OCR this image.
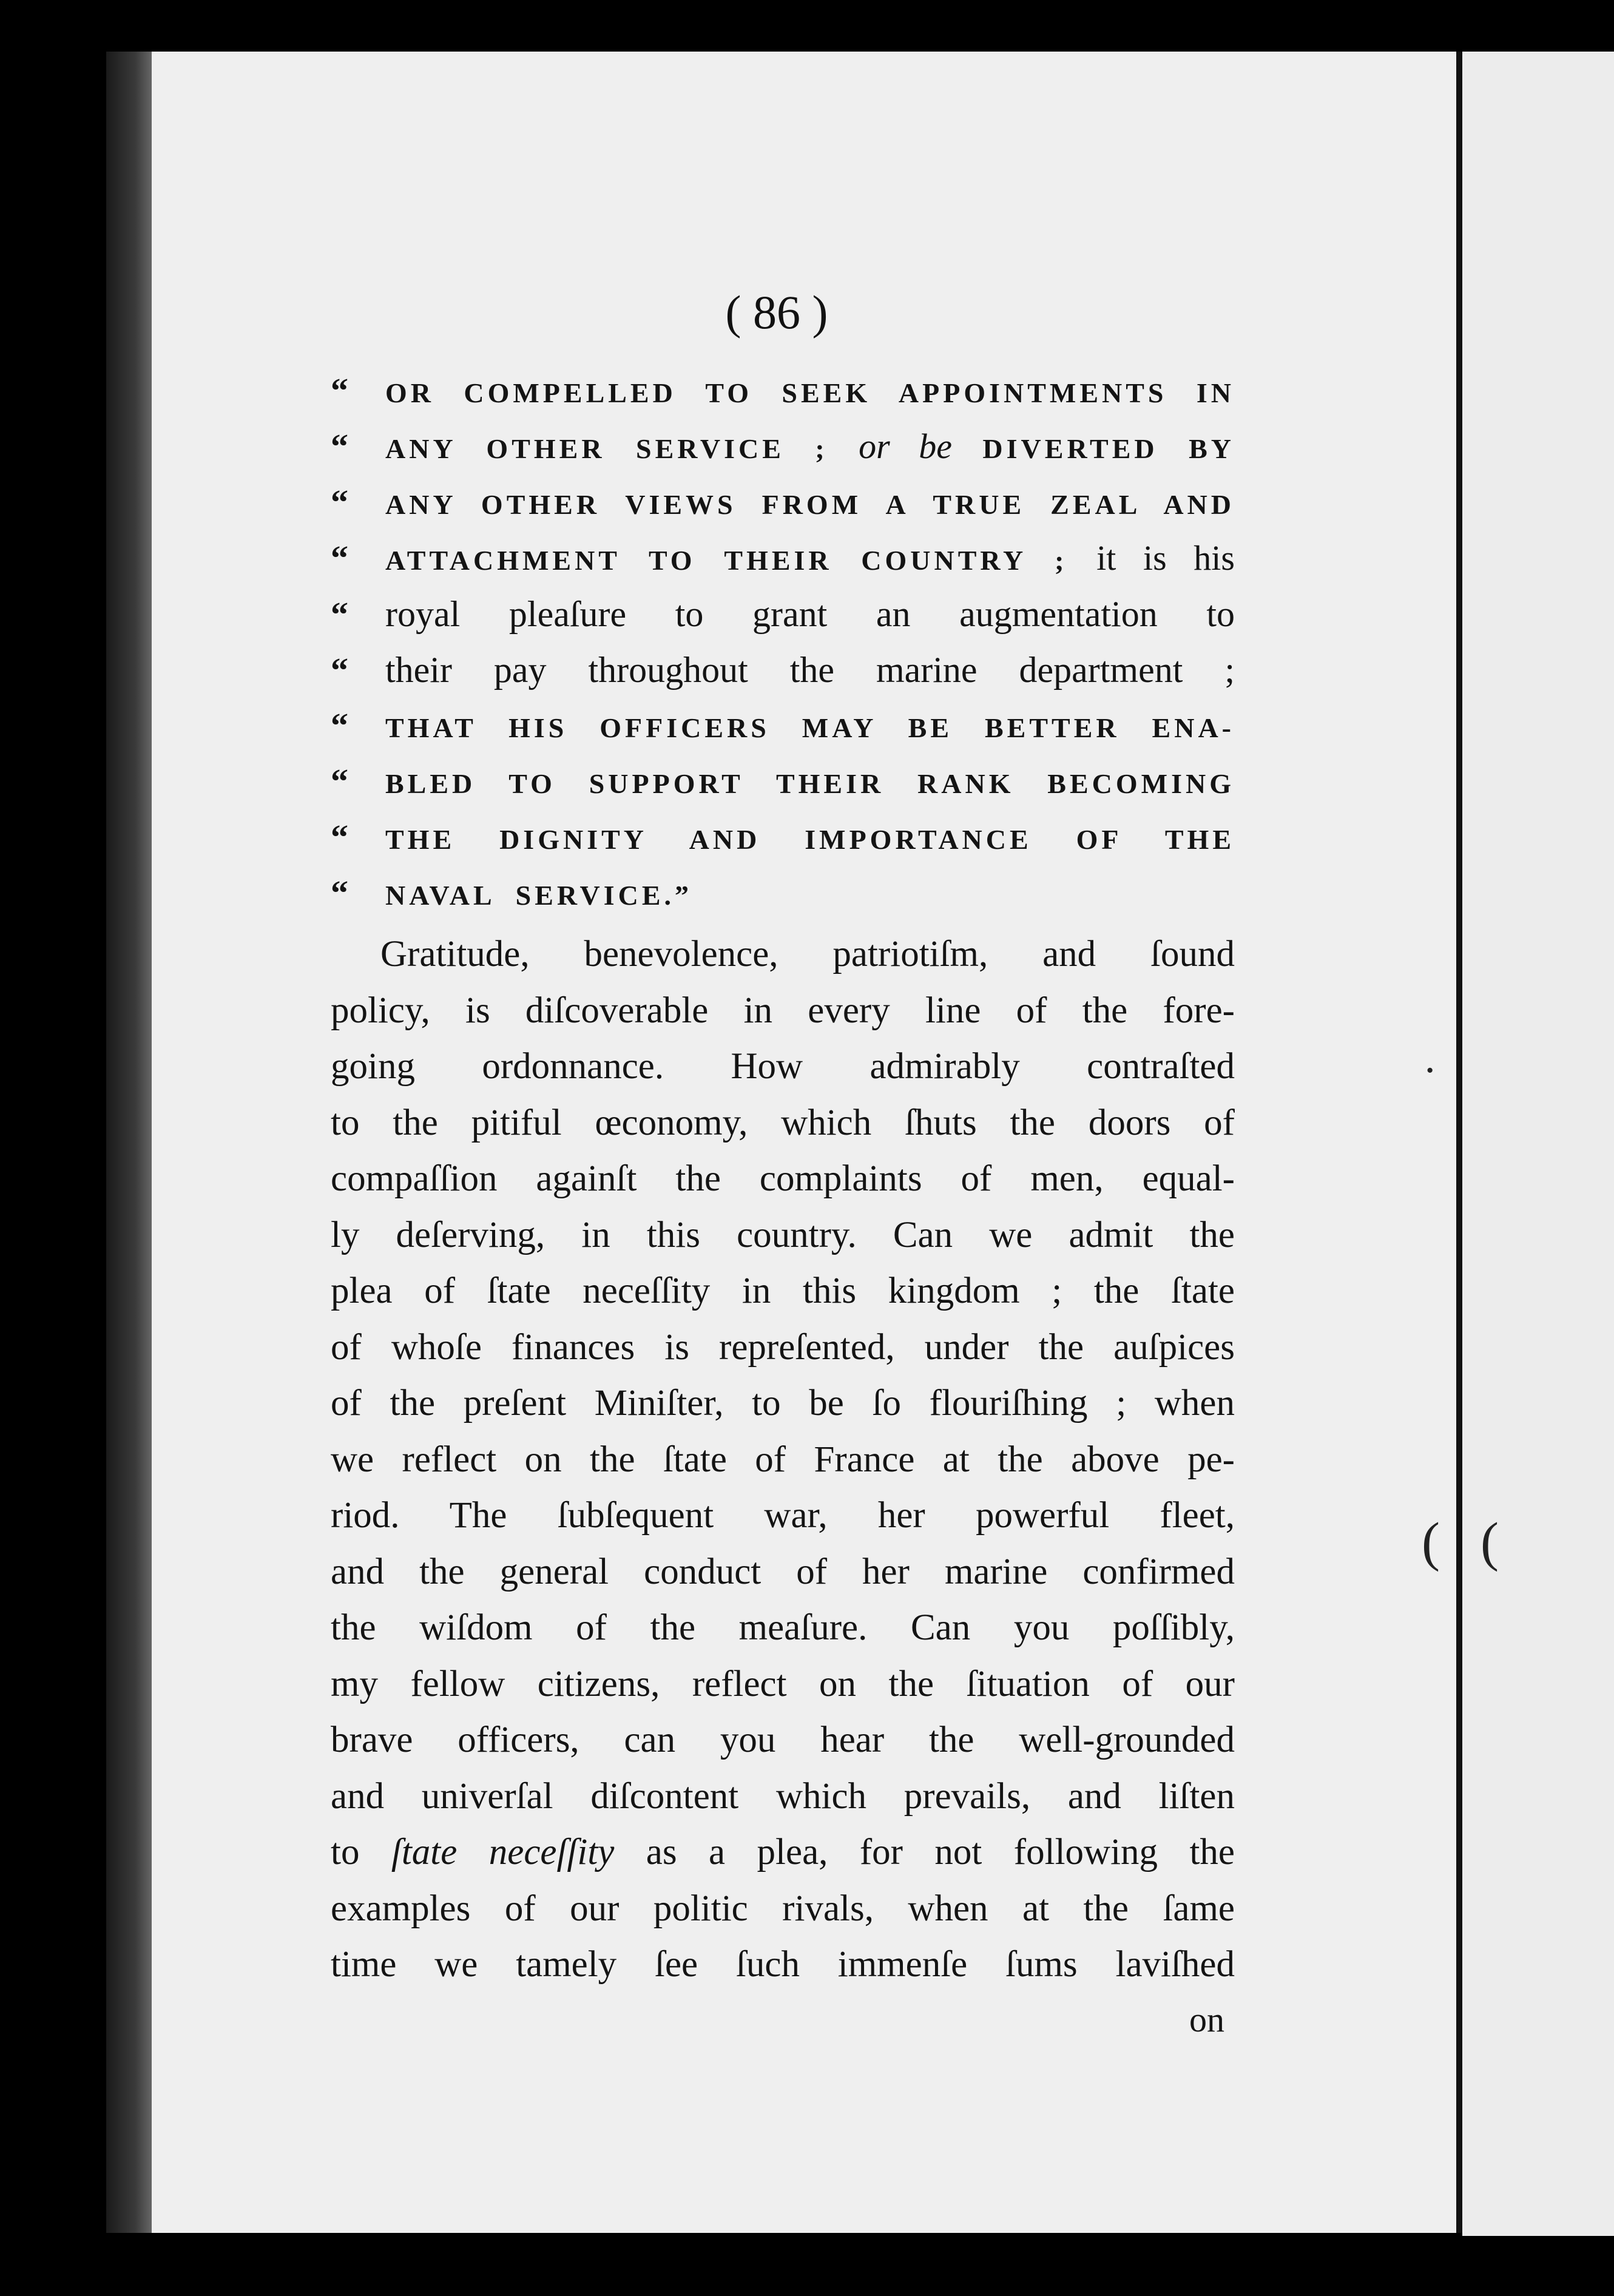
( 86 )
“	OR COMPELLED TO SEEK APPOINTMENTS IN
“	ANY OTHER SERVICE ; or be DIVERTED BY
“	ANY OTHER VIEWS FROM A TRUE ZEAL AND
“	ATTACHMENT TO THEIR COUNTRY ; it is his
“	royal pleaſure to grant an augmentation to
“	their pay throughout the marine department ;
“	THAT HIS OFFICERS MAY BE BETTER ENA-
“	BLED TO SUPPORT THEIR RANK BECOMING
“	THE DIGNITY AND IMPORTANCE OF THE
“	NAVAL SERVICE.”
Gratitude, benevolence, patriotiſm, and ſound
policy, is diſcoverable in every line of the fore-
going ordonnance. How admirably contraſted
to the pitiful œconomy, which ſhuts the doors of
compaſſion againſt the complaints of men, equal-
ly deſerving, in this country. Can we admit the
plea of ſtate neceſſity in this kingdom ; the ſtate
of whoſe finances is repreſented, under the auſpices
of the preſent Miniſter, to be ſo flouriſhing ; when
we reflect on the ſtate of France at the above pe-
riod. The ſubſequent war, her powerful fleet,
and the general conduct of her marine confirmed
the wiſdom of the meaſure. Can you poſſibly,
my fellow citizens, reflect on the ſituation of our
brave officers, can you hear the well-grounded
and univerſal diſcontent which prevails, and liſten
to ſtate neceſſity as a plea, for not following the
examples of our politic rivals, when at the ſame
time we tamely ſee ſuch immenſe ſums laviſhed
on
·
( (
